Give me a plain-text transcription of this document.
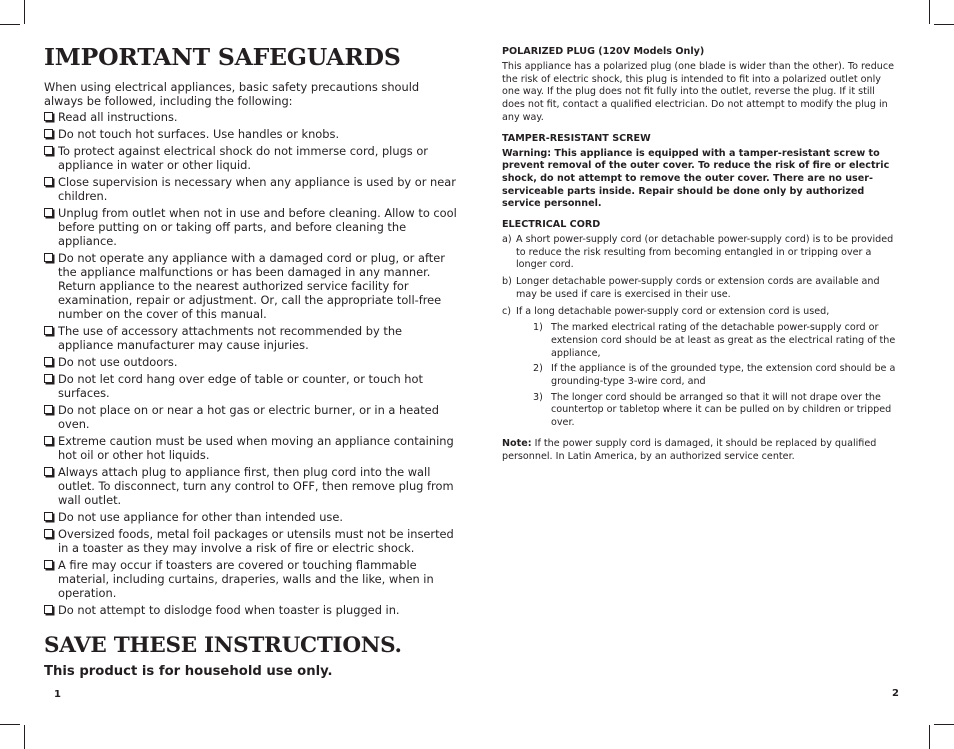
IMPORTANT SAFEGUARDS

When using electrical appliances, basic safety precautions should always be followed, including the following:

Read all instructions.
Do not touch hot surfaces. Use handles or knobs.
To protect against electrical shock do not immerse cord, plugs or appliance in water or other liquid.
Close supervision is necessary when any appliance is used by or near children.
Unplug from outlet when not in use and before cleaning. Allow to cool before putting on or taking off parts, and before cleaning the appliance.
Do not operate any appliance with a damaged cord or plug, or after the appliance malfunctions or has been damaged in any manner. Return appliance to the nearest authorized service facility for examination, repair or adjustment. Or, call the appropriate toll-free number on the cover of this manual.
The use of accessory attachments not recommended by the appliance manufacturer may cause injuries.
Do not use outdoors.
Do not let cord hang over edge of table or counter, or touch hot surfaces.
Do not place on or near a hot gas or electric burner, or in a heated oven.
Extreme caution must be used when moving an appliance containing hot oil or other hot liquids.
Always attach plug to appliance first, then plug cord into the wall outlet. To disconnect, turn any control to OFF, then remove plug from wall outlet.
Do not use appliance for other than intended use.
Oversized foods, metal foil packages or utensils must not be inserted in a toaster as they may involve a risk of fire or electric shock.
A fire may occur if toasters are covered or touching flammable material, including curtains, draperies, walls and the like, when in operation.
Do not attempt to dislodge food when toaster is plugged in.
SAVE THESE INSTRUCTIONS.

This product is for household use only.

1
POLARIZED PLUG (120V Models Only)

This appliance has a polarized plug (one blade is wider than the other). To reduce the risk of electric shock, this plug is intended to fit into a polarized outlet only one way. If the plug does not fit fully into the outlet, reverse the plug. If it still does not fit, contact a qualified electrician. Do not attempt to modify the plug in any way.

TAMPER-RESISTANT SCREW

Warning: This appliance is equipped with a tamper-resistant screw to prevent removal of the outer cover. To reduce the risk of fire or electric shock, do not attempt to remove the outer cover. There are no user-serviceable parts inside. Repair should be done only by authorized service personnel.

ELECTRICAL CORD
a) A short power-supply cord (or detachable power-supply cord) is to be provided to reduce the risk resulting from becoming entangled in or tripping over a longer cord.
b) Longer detachable power-supply cords or extension cords are available and may be used if care is exercised in their use.
c) If a long detachable power-supply cord or extension cord is used,
1) The marked electrical rating of the detachable power-supply cord or extension cord should be at least as great as the electrical rating of the appliance,
2) If the appliance is of the grounded type, the extension cord should be a grounding-type 3-wire cord, and
3) The longer cord should be arranged so that it will not drape over the countertop or tabletop where it can be pulled on by children or tripped over.

Note: If the power supply cord is damaged, it should be replaced by qualified personnel. In Latin America, by an authorized service center.

2
